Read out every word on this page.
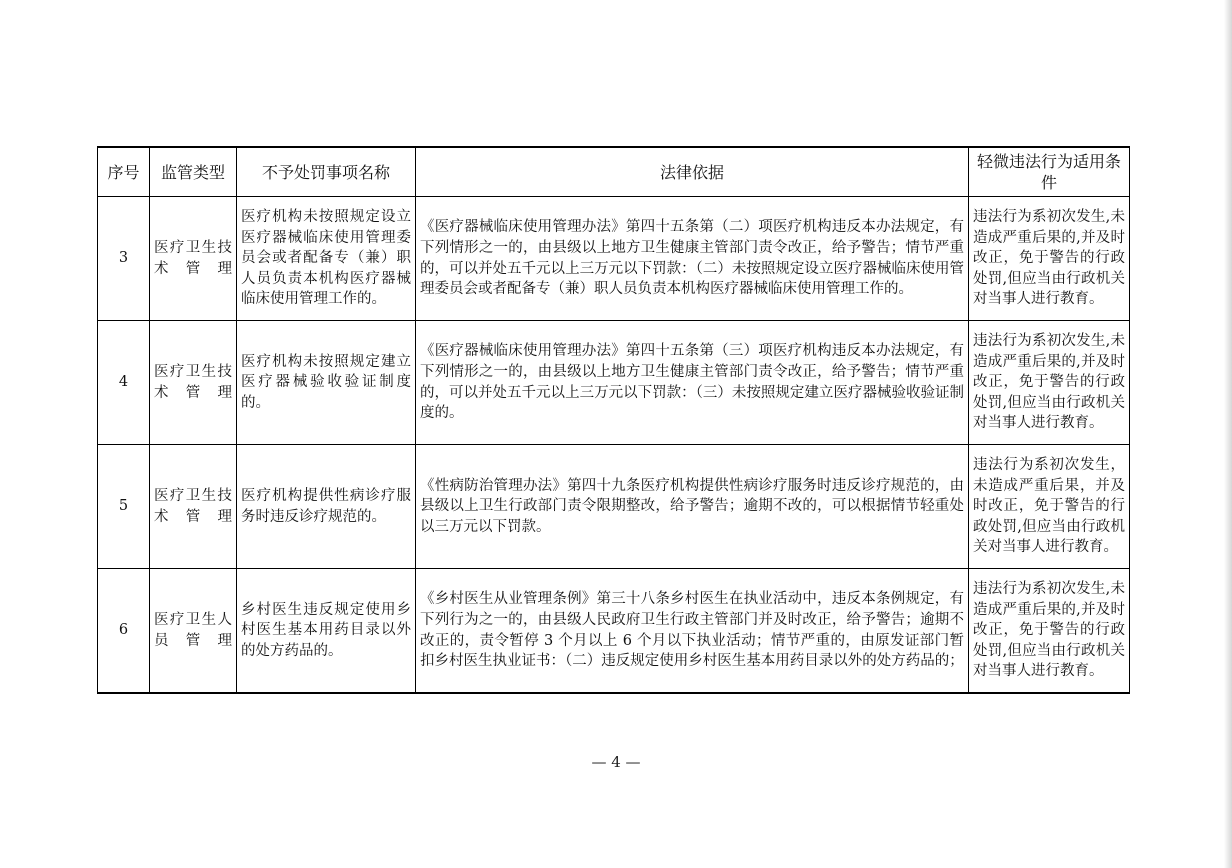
序号	监管类型	不予处罚事项名称	法律依据	轻微违法行为适用条件
3	医疗卫生技术管理	医疗机构未按照规定设立医疗器械临床使用管理委员会或者配备专（兼）职人员负责本机构医疗器械临床使用管理工作的。	《医疗器械临床使用管理办法》第四十五条第（二）项医疗机构违反本办法规定，有下列情形之一的，由县级以上地方卫生健康主管部门责令改正，给予警告；情节严重的，可以并处五千元以上三万元以下罚款：（二）未按照规定设立医疗器械临床使用管理委员会或者配备专（兼）职人员负责本机构医疗器械临床使用管理工作的。	违法行为系初次发生,未造成严重后果的,并及时改正，免于警告的行政处罚,但应当由行政机关对当事人进行教育。
4	医疗卫生技术管理	医疗机构未按照规定建立医疗器械验收验证制度的。	《医疗器械临床使用管理办法》第四十五条第（三）项医疗机构违反本办法规定，有下列情形之一的，由县级以上地方卫生健康主管部门责令改正，给予警告；情节严重的，可以并处五千元以上三万元以下罚款：（三）未按照规定建立医疗器械验收验证制度的。	违法行为系初次发生,未造成严重后果的,并及时改正，免于警告的行政处罚,但应当由行政机关对当事人进行教育。
5	医疗卫生技术管理	医疗机构提供性病诊疗服务时违反诊疗规范的。	《性病防治管理办法》第四十九条医疗机构提供性病诊疗服务时违反诊疗规范的，由县级以上卫生行政部门责令限期整改，给予警告；逾期不改的，可以根据情节轻重处以三万元以下罚款。	违法行为系初次发生，未造成严重后果，并及时改正，免于警告的行政处罚,但应当由行政机关对当事人进行教育。
6	医疗卫生人员管理	乡村医生违反规定使用乡村医生基本用药目录以外的处方药品的。	《乡村医生从业管理条例》第三十八条乡村医生在执业活动中，违反本条例规定，有下列行为之一的，由县级人民政府卫生行政主管部门并及时改正，给予警告；逾期不改正的，责令暂停 3 个月以上 6 个月以下执业活动；情节严重的，由原发证部门暂扣乡村医生执业证书：（二）违反规定使用乡村医生基本用药目录以外的处方药品的；	违法行为系初次发生,未造成严重后果的,并及时改正，免于警告的行政处罚,但应当由行政机关对当事人进行教育。
— 4 —
